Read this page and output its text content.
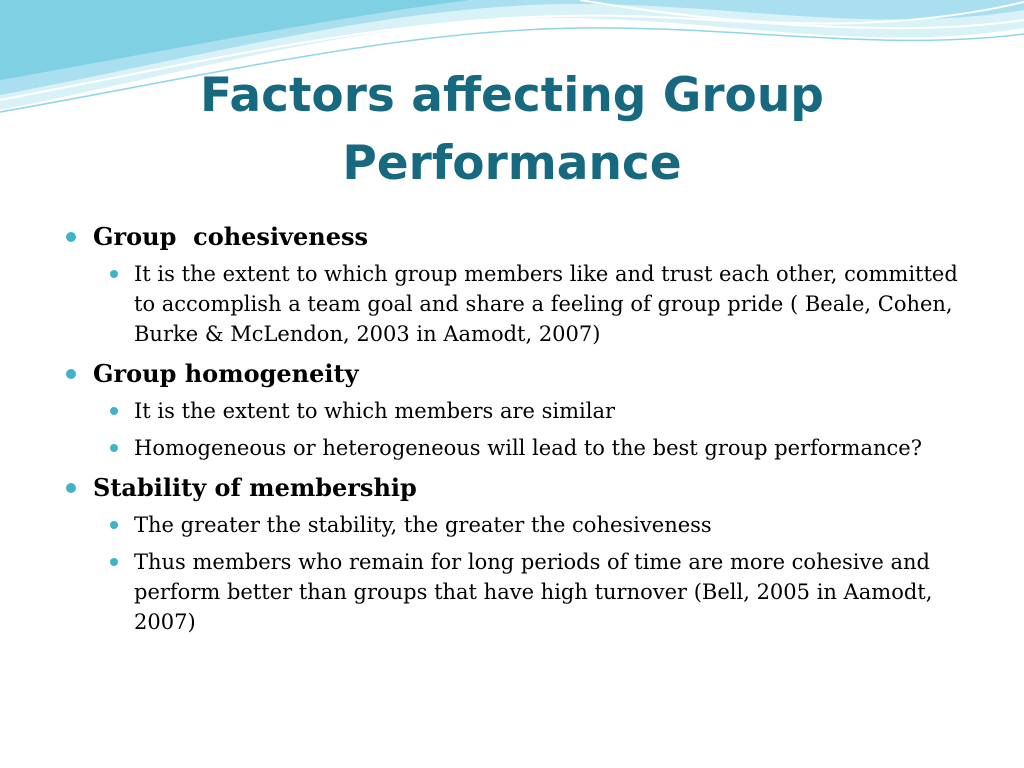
Factors affecting Group
Performance
Group  cohesiveness
It is the extent to which group members like and trust each other, committed to accomplish a team goal and share a feeling of group pride ( Beale, Cohen, Burke & McLendon, 2003 in Aamodt, 2007)
Group homogeneity
It is the extent to which members are similar
Homogeneous or heterogeneous will lead to the best group performance?
Stability of membership
The greater the stability, the greater the cohesiveness
Thus members who remain for long periods of time are more cohesive and perform better than groups that have high turnover (Bell, 2005 in Aamodt, 2007)
